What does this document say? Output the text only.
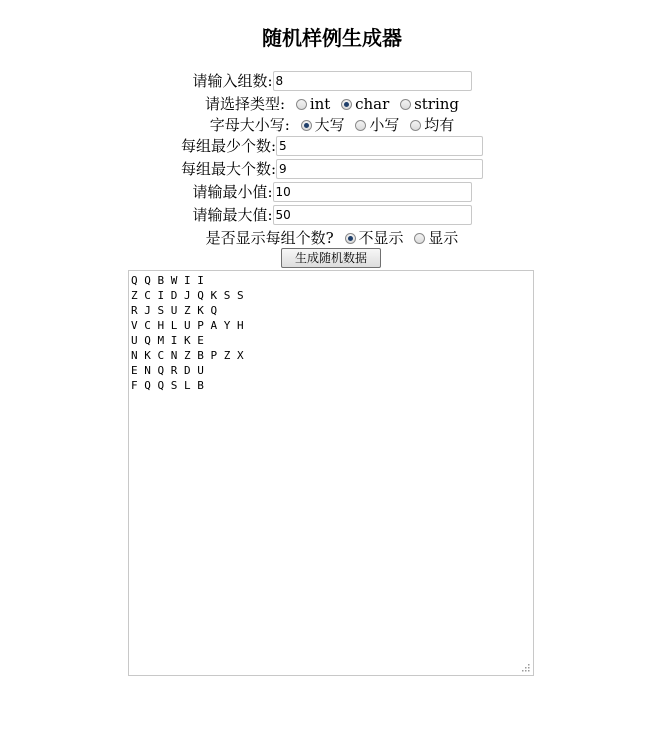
随机样例生成器
请输入组数:8
请选择类型: int char string
字母大小写: 大写 小写 均有
每组最少个数:5
每组最大个数:9
请输最小值:10
请输最大值:50
是否显示每组个数? 不显示 显示
生成随机数据
Q Q B W I I Z C I D J Q K S S R J S U Z K Q V C H L U P A Y H U Q M I K E N K C N Z B P Z X E N Q R D U F Q Q S L B
